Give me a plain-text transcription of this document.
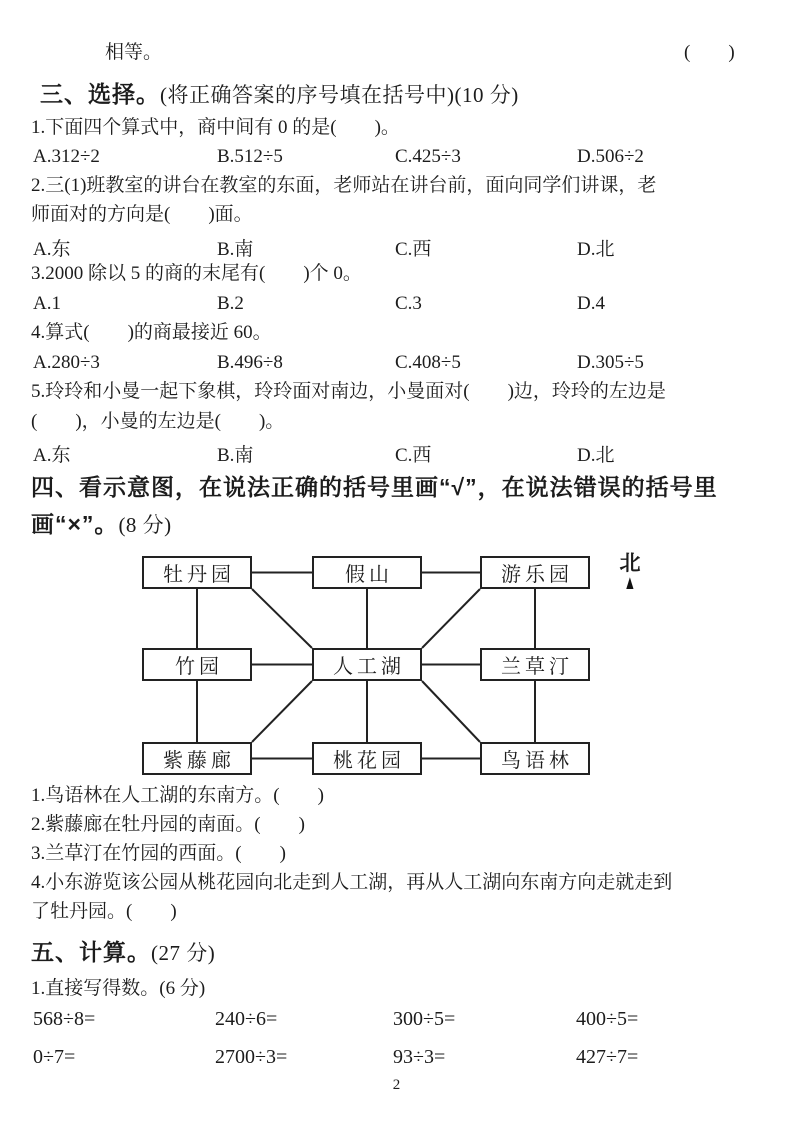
相等。	(　　)
三、选择。(将正确答案的序号填在括号中)(10 分)
1.下面四个算式中，商中间有 0 的是(　　)。
A.312÷2	B.512÷5	C.425÷3	D.506÷2
2.三(1)班教室的讲台在教室的东面，老师站在讲台前，面向同学们讲课，老
师面对的方向是(　　)面。
A.东	B.南	C.西	D.北
3.2000 除以 5 的商的末尾有(　　)个 0。
A.1	B.2	C.3	D.4
4.算式(　　)的商最接近 60。
A.280÷3	B.496÷8	C.408÷5	D.305÷5
5.玲玲和小曼一起下象棋，玲玲面对南边，小曼面对(　　)边，玲玲的左边是
(　　)，小曼的左边是(　　)。
A.东	B.南	C.西	D.北
四、看示意图，在说法正确的括号里画“√”，在说法错误的括号里
画“×”。(8 分)
牡丹园	假山	游乐园
竹园	人工湖	兰草汀
紫藤廊	桃花园	鸟语林
北
▲
1.鸟语林在人工湖的东南方。(　　)
2.紫藤廊在牡丹园的南面。(　　)
3.兰草汀在竹园的西面。(　　)
4.小东游览该公园从桃花园向北走到人工湖，再从人工湖向东南方向走就走到
了牡丹园。(　　)
五、计算。(27 分)
1.直接写得数。(6 分)
568÷8=	240÷6=	300÷5=	400÷5=
0÷7=	2700÷3=	93÷3=	427÷7=
2
